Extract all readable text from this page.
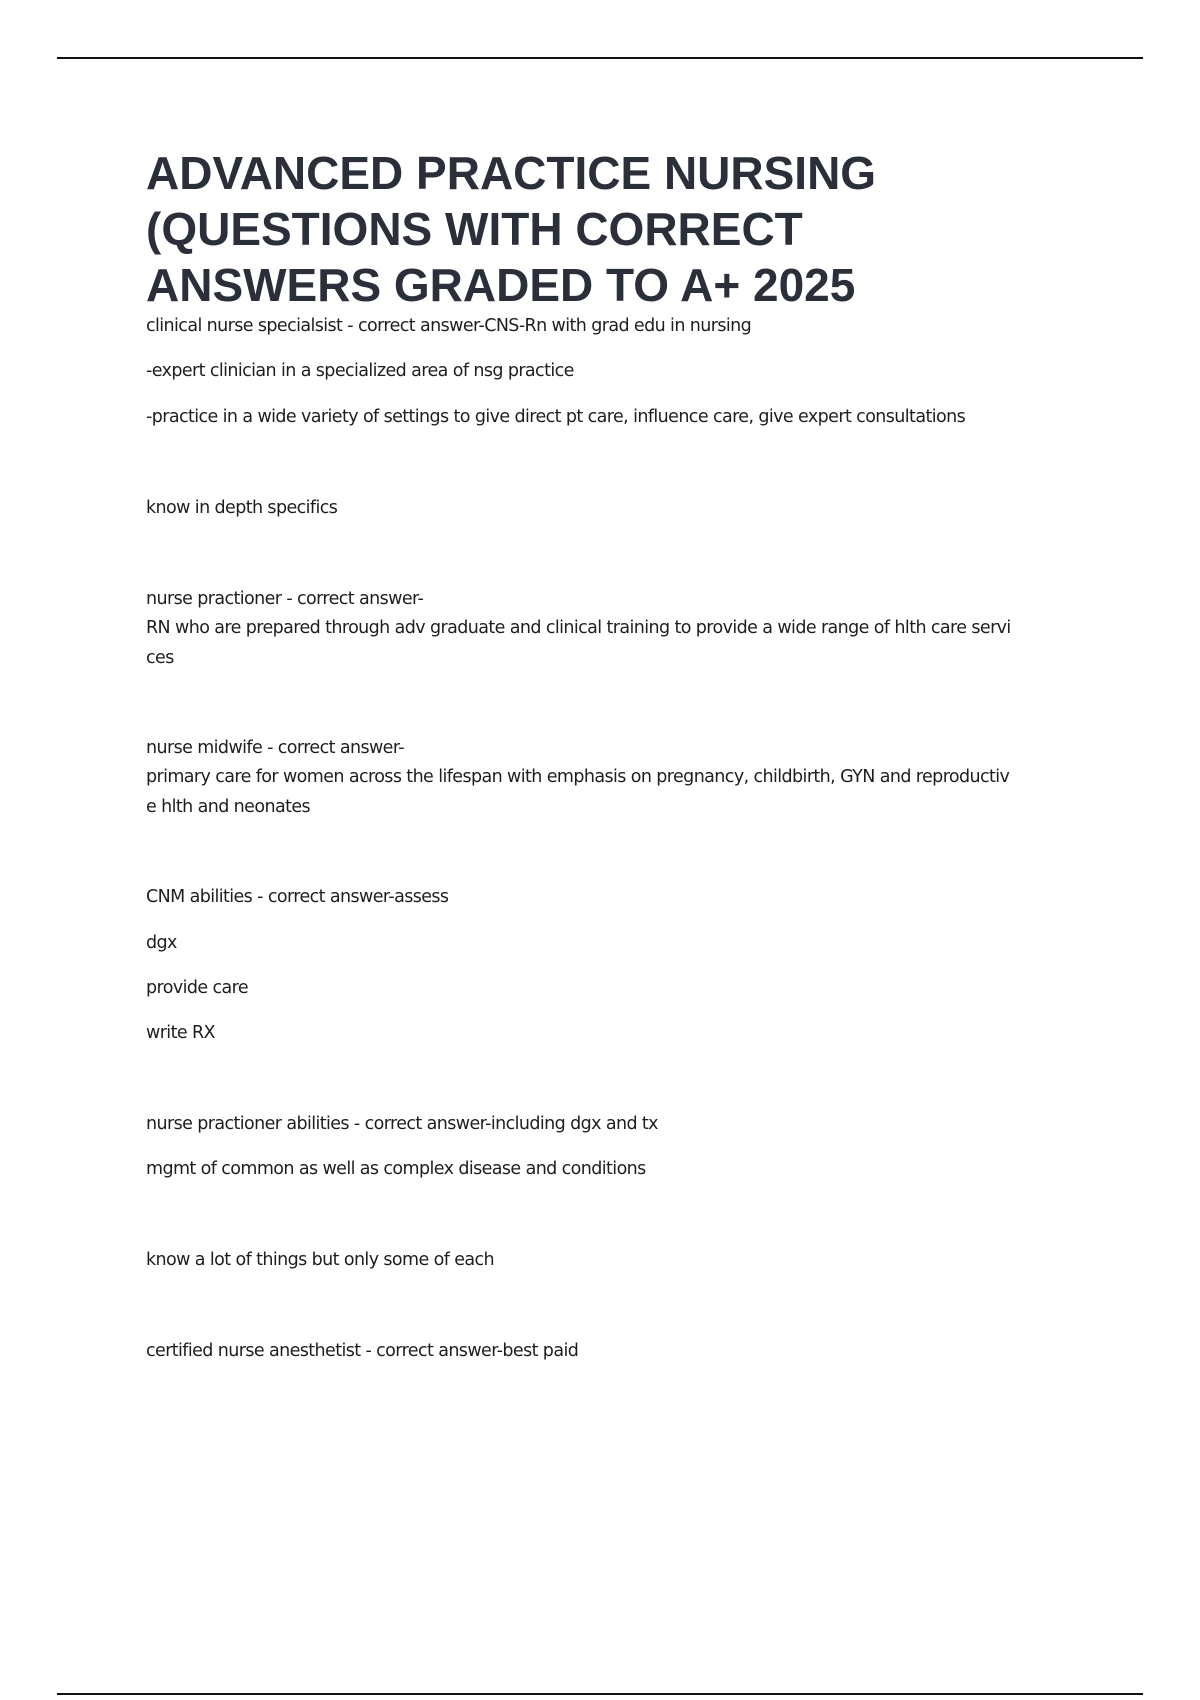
ADVANCED PRACTICE NURSING
(QUESTIONS WITH CORRECT
ANSWERS GRADED TO A+ 2025

clinical nurse specialsist - correct answer-CNS-Rn with grad edu in nursing

-expert clinician in a specialized area of nsg practice

-practice in a wide variety of settings to give direct pt care, influence care, give expert consultations

know in depth specifics

nurse practioner - correct answer-

RN who are prepared through adv graduate and clinical training to provide a wide range of hlth care servi

ces

nurse midwife - correct answer-

primary care for women across the lifespan with emphasis on pregnancy, childbirth, GYN and reproductiv

e hlth and neonates

CNM abilities - correct answer-assess

dgx

provide care

write RX

nurse practioner abilities - correct answer-including dgx and tx

mgmt of common as well as complex disease and conditions

know a lot of things but only some of each

certified nurse anesthetist - correct answer-best paid
